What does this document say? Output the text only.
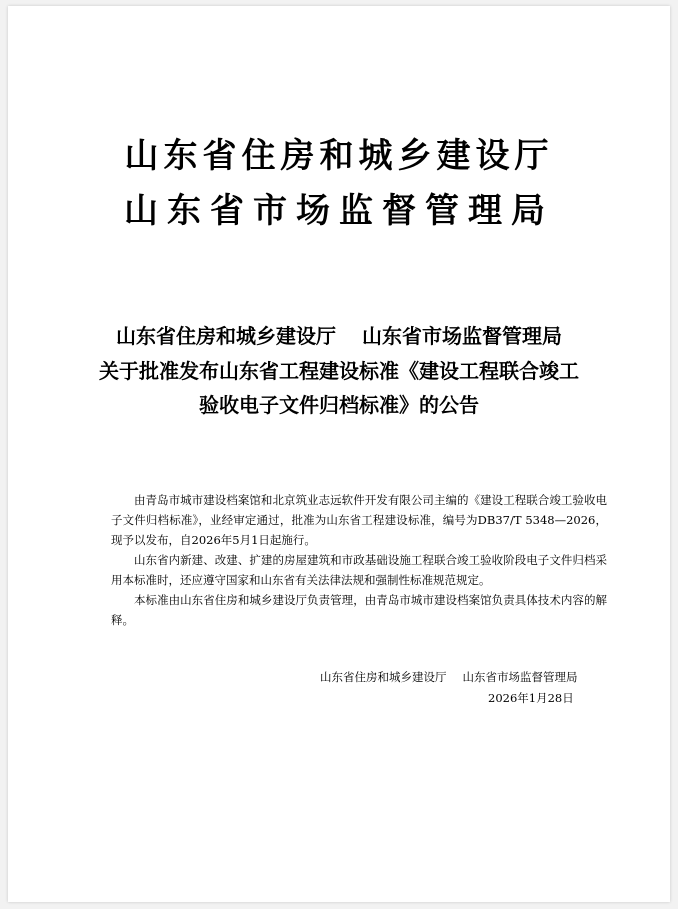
山东省住房和城乡建设厅
山东省市场监督管理局
山东省住房和城乡建设厅 山东省市场监督管理局
关于批准发布山东省工程建设标准《建设工程联合竣工
验收电子文件归档标准》的公告

由青岛市城市建设档案馆和北京筑业志远软件开发有限公司主编的《建设工程联合竣工验收电子文件归档标准》，业经审定通过，批准为山东省工程建设标准，编号为DB37/T 5348—2026，现予以发布，自2026年5月1日起施行。

山东省内新建、改建、扩建的房屋建筑和市政基础设施工程联合竣工验收阶段电子文件归档采用本标准时，还应遵守国家和山东省有关法律法规和强制性标准规范规定。

本标准由山东省住房和城乡建设厅负责管理，由青岛市城市建设档案馆负责具体技术内容的解释。

山东省住房和城乡建设厅 山东省市场监督管理局
2026年1月28日
